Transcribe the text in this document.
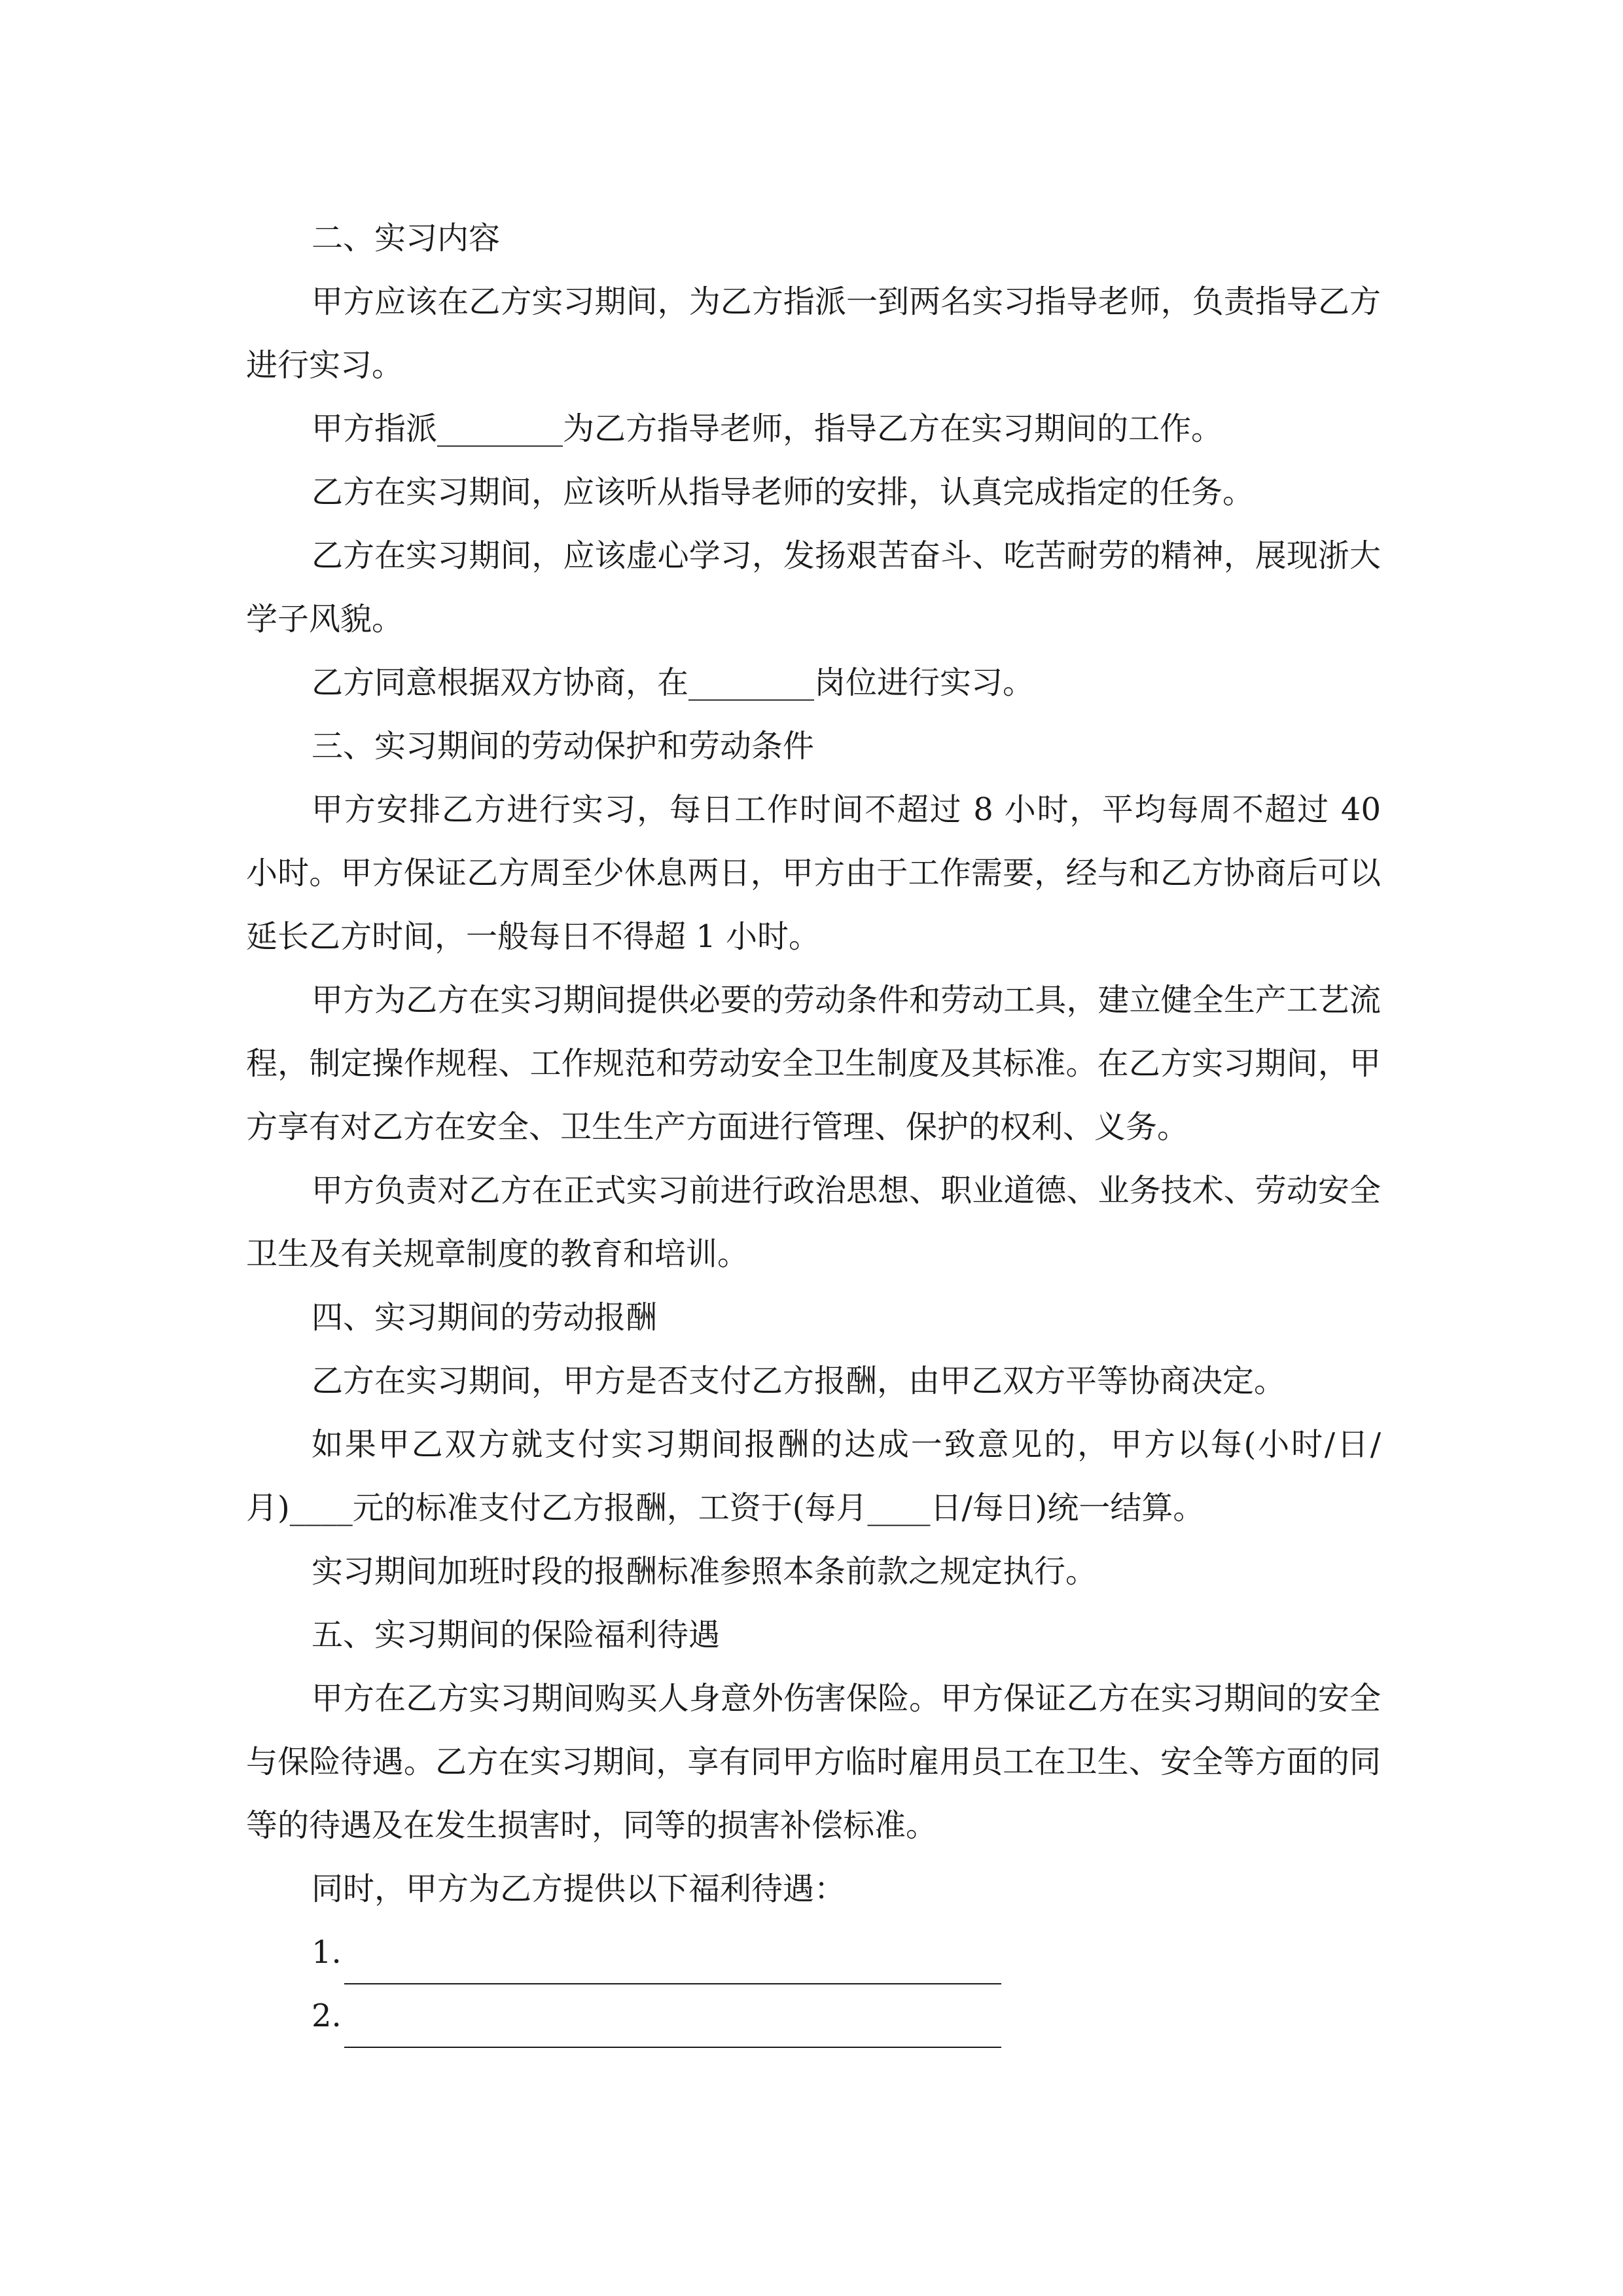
二、实习内容

甲方应该在乙方实习期间，为乙方指派一到两名实习指导老师，负责指导乙方进行实习。

甲方指派________为乙方指导老师，指导乙方在实习期间的工作。

乙方在实习期间，应该听从指导老师的安排，认真完成指定的任务。

乙方在实习期间，应该虚心学习，发扬艰苦奋斗、吃苦耐劳的精神，展现浙大学子风貌。

乙方同意根据双方协商，在________岗位进行实习。

三、实习期间的劳动保护和劳动条件

甲方安排乙方进行实习，每日工作时间不超过 8 小时，平均每周不超过 40 小时。甲方保证乙方周至少休息两日，甲方由于工作需要，经与和乙方协商后可以延长乙方时间，一般每日不得超 1 小时。

甲方为乙方在实习期间提供必要的劳动条件和劳动工具，建立健全生产工艺流程，制定操作规程、工作规范和劳动安全卫生制度及其标准。在乙方实习期间，甲方享有对乙方在安全、卫生生产方面进行管理、保护的权利、义务。

甲方负责对乙方在正式实习前进行政治思想、职业道德、业务技术、劳动安全卫生及有关规章制度的教育和培训。

四、实习期间的劳动报酬

乙方在实习期间，甲方是否支付乙方报酬，由甲乙双方平等协商决定。

如果甲乙双方就支付实习期间报酬的达成一致意见的，甲方以每(小时/日/月)____元的标准支付乙方报酬，工资于(每月____日/每日)统一结算。

实习期间加班时段的报酬标准参照本条前款之规定执行。

五、实习期间的保险福利待遇

甲方在乙方实习期间购买人身意外伤害保险。甲方保证乙方在实习期间的安全与保险待遇。乙方在实习期间，享有同甲方临时雇用员工在卫生、安全等方面的同等的待遇及在发生损害时，同等的损害补偿标准。

同时，甲方为乙方提供以下福利待遇：

1.
2.
